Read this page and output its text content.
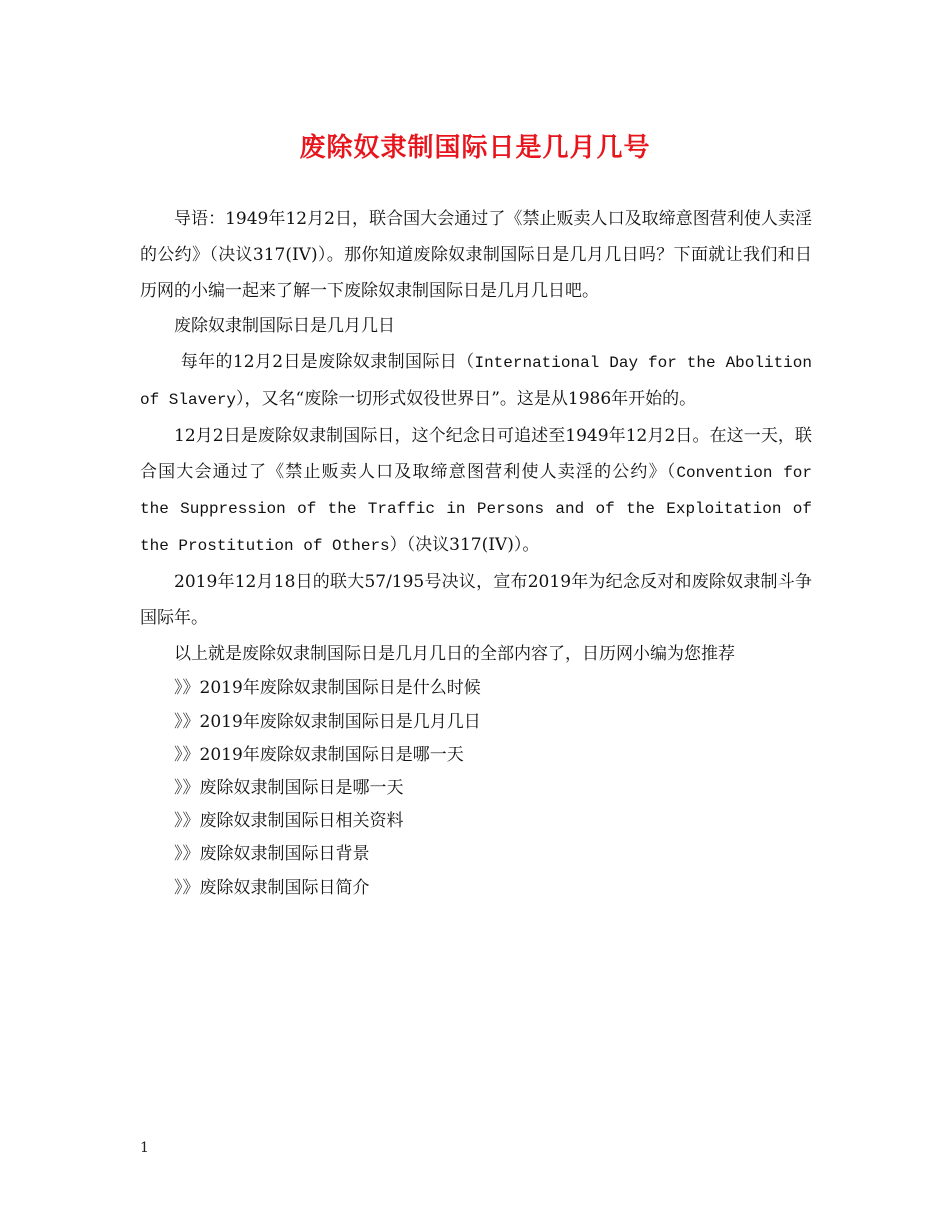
废除奴隶制国际日是几月几号

导语：1949年12月2日，联合国大会通过了《禁止贩卖人口及取缔意图营利使人卖淫的公约》（决议317(IV)）。那你知道废除奴隶制国际日是几月几日吗？下面就让我们和日历网的小编一起来了解一下废除奴隶制国际日是几月几日吧。

废除奴隶制国际日是几月几日

每年的12月2日是废除奴隶制国际日（International Day for the Abolition of Slavery），又名“废除一切形式奴役世界日”。这是从1986年开始的。

12月2日是废除奴隶制国际日，这个纪念日可追述至1949年12月2日。在这一天，联合国大会通过了《禁止贩卖人口及取缔意图营利使人卖淫的公约》（Convention for the Suppression of the Traffic in Persons and of the Exploitation of the Prostitution of Others）（决议317(IV)）。

2019年12月18日的联大57/195号决议，宣布2019年为纪念反对和废除奴隶制斗争国际年。

以上就是废除奴隶制国际日是几月几日的全部内容了，日历网小编为您推荐

》》2019年废除奴隶制国际日是什么时候

》》2019年废除奴隶制国际日是几月几日

》》2019年废除奴隶制国际日是哪一天

》》废除奴隶制国际日是哪一天

》》废除奴隶制国际日相关资料

》》废除奴隶制国际日背景

》》废除奴隶制国际日简介

1
